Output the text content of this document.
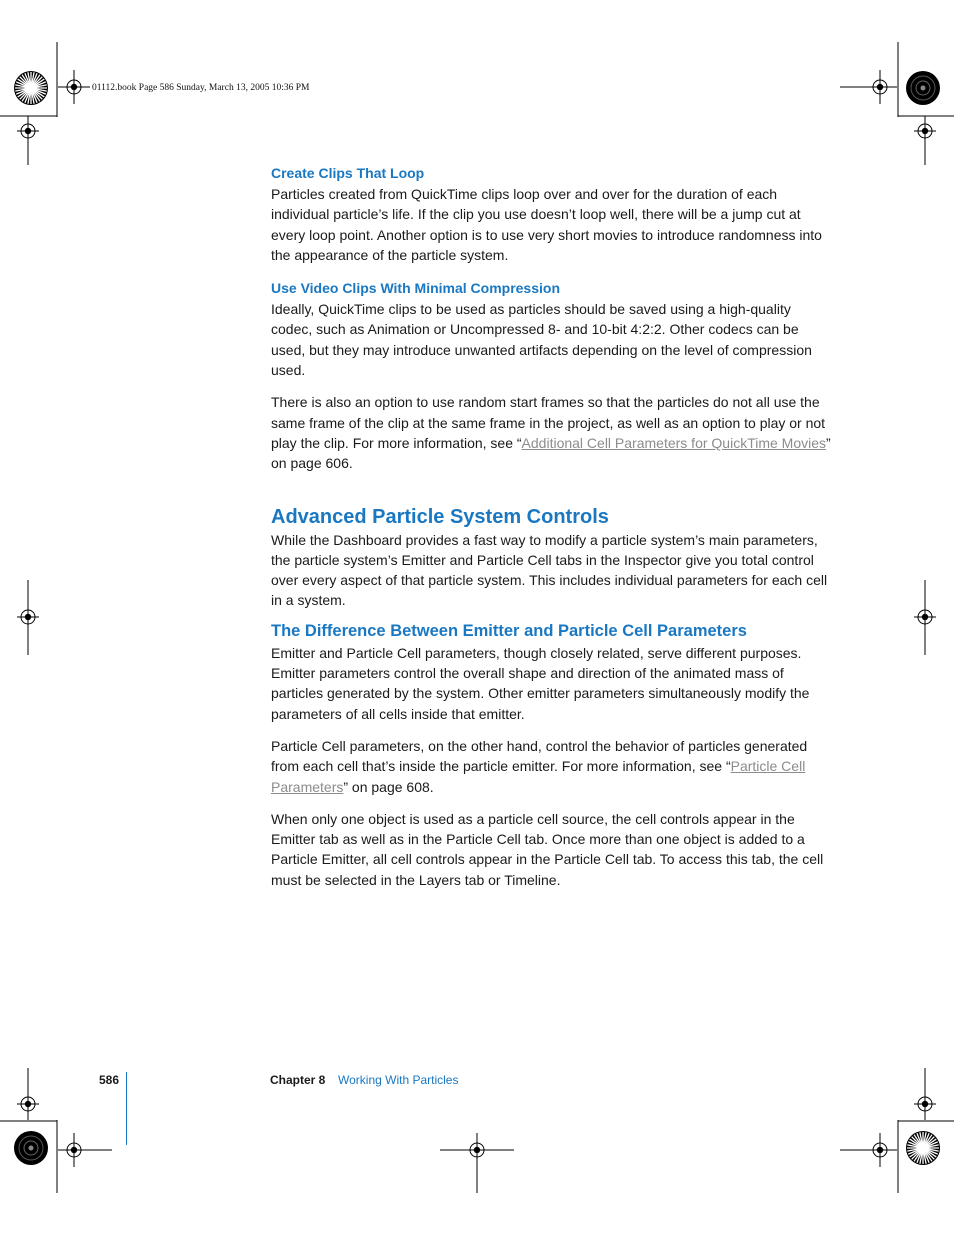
01112.book Page 586 Sunday, March 13, 2005 10:36 PM
Create Clips That Loop

Particles created from QuickTime clips loop over and over for the duration of each individual particle’s life. If the clip you use doesn’t loop well, there will be a jump cut at every loop point. Another option is to use very short movies to introduce randomness into the appearance of the particle system.

Use Video Clips With Minimal Compression

Ideally, QuickTime clips to be used as particles should be saved using a high-quality codec, such as Animation or Uncompressed 8- and 10-bit 4:2:2. Other codecs can be used, but they may introduce unwanted artifacts depending on the level of compression used.

There is also an option to use random start frames so that the particles do not all use the same frame of the clip at the same frame in the project, as well as an option to play or not play the clip. For more information, see “Additional Cell Parameters for QuickTime Movies” on page 606.

Advanced Particle System Controls

While the Dashboard provides a fast way to modify a particle system’s main parameters, the particle system’s Emitter and Particle Cell tabs in the Inspector give you total control over every aspect of that particle system. This includes individual parameters for each cell in a system.

The Difference Between Emitter and Particle Cell Parameters

Emitter and Particle Cell parameters, though closely related, serve different purposes. Emitter parameters control the overall shape and direction of the animated mass of particles generated by the system. Other emitter parameters simultaneously modify the parameters of all cells inside that emitter.

Particle Cell parameters, on the other hand, control the behavior of particles generated from each cell that’s inside the particle emitter. For more information, see “Particle Cell Parameters” on page 608.

When only one object is used as a particle cell source, the cell controls appear in the Emitter tab as well as in the Particle Cell tab. Once more than one object is added to a Particle Emitter, all cell controls appear in the Particle Cell tab. To access this tab, the cell must be selected in the Layers tab or Timeline.

586	Chapter 8 Working With Particles
